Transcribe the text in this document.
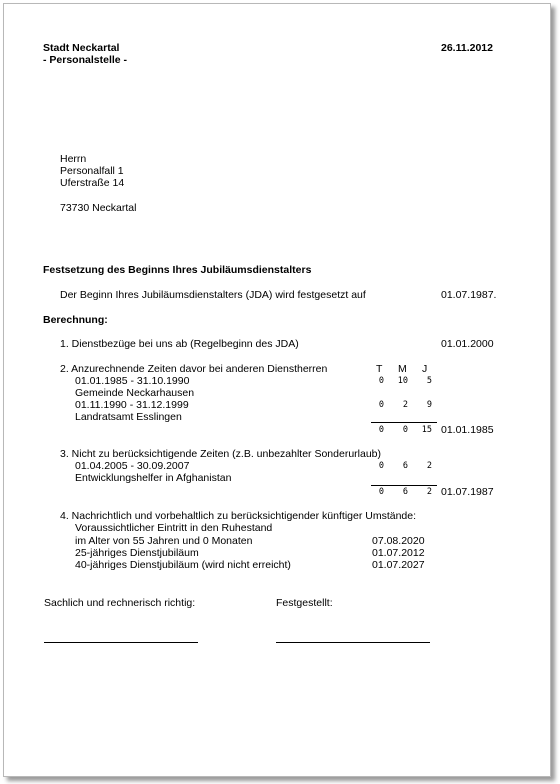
Stadt Neckartal
- Personalstelle -
26.11.2012
Herrn
Personalfall 1
Uferstraße 14
73730 Neckartal
Festsetzung des Beginns Ihres Jubiläumsdienstalters
Der Beginn Ihres Jubiläumsdienstalters (JDA) wird festgesetzt auf	01.07.1987.
Berechnung:
1. Dienstbezüge bei uns ab (Regelbeginn des JDA)	01.01.2000
2. Anzurechnende Zeiten davor bei anderen Dienstherren	T M J
01.01.1985 - 31.10.1990	0	10	5
Gemeinde Neckarhausen
01.11.1990 - 31.12.1999	0	2	9
Landratsamt Esslingen
0	0	15 01.01.1985
3. Nicht zu berücksichtigende Zeiten (z.B. unbezahlter Sonderurlaub)
01.04.2005 - 30.09.2007	0	6	2
Entwicklungshelfer in Afghanistan
0	6	2 01.07.1987
4. Nachrichtlich und vorbehaltlich zu berücksichtigender künftiger Umstände:
Voraussichtlicher Eintritt in den Ruhestand
im Alter von 55 Jahren und 0 Monaten	07.08.2020
25-jähriges Dienstjubiläum	01.07.2012
40-jähriges Dienstjubiläum (wird nicht erreicht)	01.07.2027
Sachlich und rechnerisch richtig:	Festgestellt:
